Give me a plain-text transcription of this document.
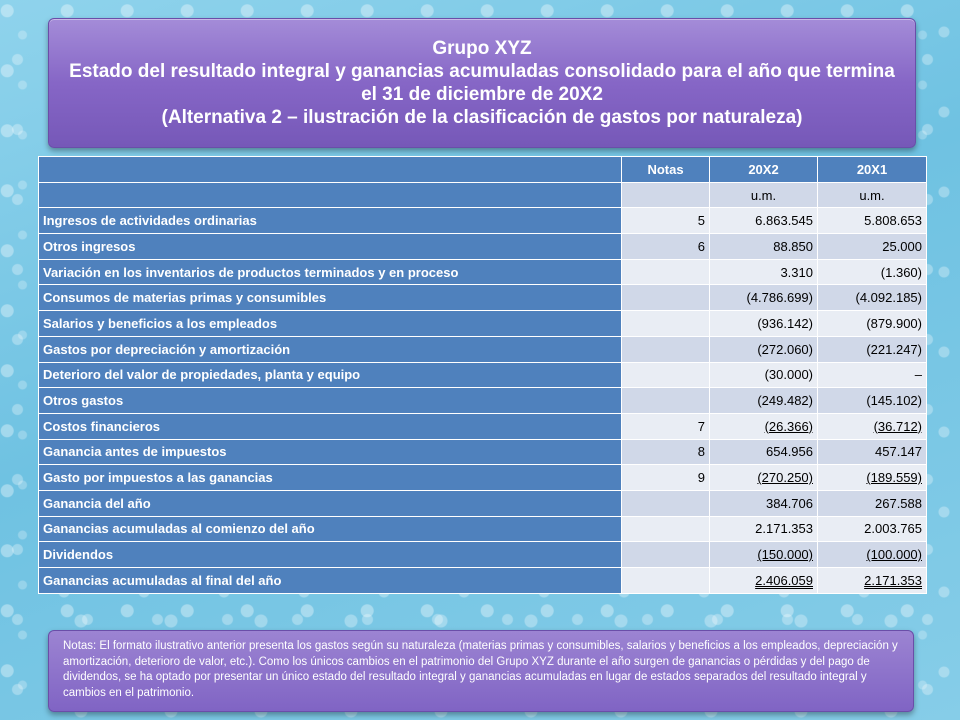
Grupo XYZ
Estado del resultado integral y ganancias acumuladas consolidado para el año que termina el 31 de diciembre de 20X2
(Alternativa 2 – ilustración de la clasificación de gastos por naturaleza)
	Notas	20X2	20X1
		u.m.	u.m.
Ingresos de actividades ordinarias	5	6.863.545	5.808.653
Otros ingresos	6	88.850	25.000
Variación en los inventarios de productos terminados y en proceso		3.310	(1.360)
Consumos de materias primas y consumibles		(4.786.699)	(4.092.185)
Salarios y beneficios a los empleados		(936.142)	(879.900)
Gastos por depreciación y amortización		(272.060)	(221.247)
Deterioro del valor de propiedades, planta y equipo		(30.000)	–
Otros gastos		(249.482)	(145.102)
Costos financieros	7	(26.366)	(36.712)
Ganancia antes de impuestos	8	654.956	457.147
Gasto por impuestos a las ganancias	9	(270.250)	(189.559)
Ganancia del año		384.706	267.588
Ganancias acumuladas al comienzo del año		2.171.353	2.003.765
Dividendos		(150.000)	(100.000)
Ganancias acumuladas al final del año		2.406.059	2.171.353
Notas: El formato ilustrativo anterior presenta los gastos según su naturaleza (materias primas y consumibles, salarios y beneficios a los empleados, depreciación y amortización, deterioro de valor, etc.). Como los únicos cambios en el patrimonio del Grupo XYZ durante el año surgen de ganancias o pérdidas y del pago de dividendos, se ha optado por presentar un único estado del resultado integral y ganancias acumuladas en lugar de estados separados del resultado integral y cambios en el patrimonio.
